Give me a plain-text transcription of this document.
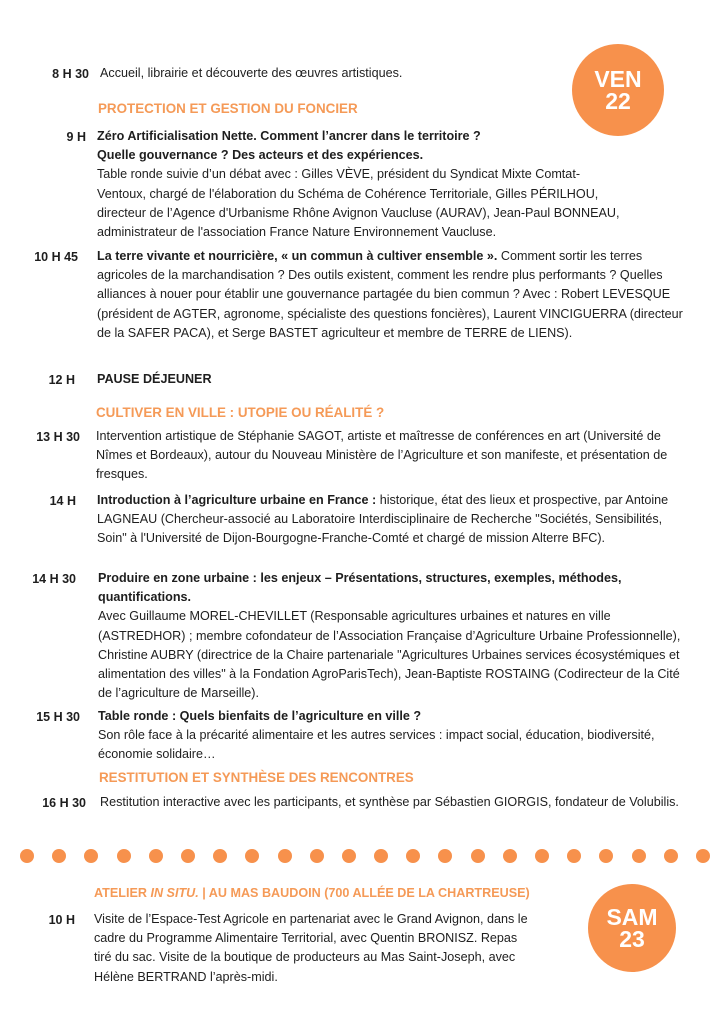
VEN
22
SAM
23
8 H 30 Accueil, librairie et découverte des œuvres artistiques.
PROTECTION ET GESTION DU FONCIER
9 H Zéro Artificialisation Nette. Comment l’ancrer dans le territoire ?
Quelle gouvernance ? Des acteurs et des expériences.
Table ronde suivie d’un débat avec : Gilles VÈVE, président du Syndicat Mixte Comtat-Ventoux, chargé de l'élaboration du Schéma de Cohérence Territoriale, Gilles PÉRILHOU, directeur de l’Agence d'Urbanisme Rhône Avignon Vaucluse (AURAV), Jean-Paul BONNEAU, administrateur de l'association France Nature Environnement Vaucluse.
10 H 45 La terre vivante et nourricière, « un commun à cultiver ensemble ». Comment sortir les terres agricoles de la marchandisation ? Des outils existent, comment les rendre plus performants ? Quelles alliances à nouer pour établir une gouvernance partagée du bien commun ? Avec : Robert LEVESQUE (président de AGTER, agronome, spécialiste des questions foncières), Laurent VINCIGUERRA (directeur de la SAFER PACA), et Serge BASTET agriculteur et membre de TERRE de LIENS).
12 H PAUSE DÉJEUNER
CULTIVER EN VILLE : UTOPIE OU RÉALITÉ ?
13 H 30 Intervention artistique de Stéphanie SAGOT, artiste et maîtresse de conférences en art (Université de Nîmes et Bordeaux), autour du Nouveau Ministère de l’Agriculture et son manifeste, et présentation de fresques.
14 H Introduction à l’agriculture urbaine en France : historique, état des lieux et prospective, par Antoine LAGNEAU (Chercheur-associé au Laboratoire Interdisciplinaire de Recherche "Sociétés, Sensibilités, Soin" à l'Université de Dijon-Bourgogne-Franche-Comté et chargé de mission Alterre BFC).
14 H 30 Produire en zone urbaine : les enjeux – Présentations, structures, exemples, méthodes, quantifications.
Avec Guillaume MOREL-CHEVILLET (Responsable agricultures urbaines et natures en ville (ASTREDHOR) ; membre cofondateur de l’Association Française d’Agriculture Urbaine Professionnelle), Christine AUBRY (directrice de la Chaire partenariale "Agricultures Urbaines services écosystémiques et alimentation des villes" à la Fondation AgroParisTech), Jean-Baptiste ROSTAING (Codirecteur de la Cité de l’agriculture de Marseille).
15 H 30 Table ronde : Quels bienfaits de l’agriculture en ville ?
Son rôle face à la précarité alimentaire et les autres services : impact social, éducation, biodiversité, économie solidaire…
RESTITUTION ET SYNTHÈSE DES RENCONTRES
16 H 30 Restitution interactive avec les participants, et synthèse par Sébastien GIORGIS, fondateur de Volubilis.
ATELIER IN SITU. | AU MAS BAUDOIN (700 ALLÉE DE LA CHARTREUSE)
10 H Visite de l’Espace-Test Agricole en partenariat avec le Grand Avignon, dans le cadre du Programme Alimentaire Territorial, avec Quentin BRONISZ. Repas tiré du sac. Visite de la boutique de producteurs au Mas Saint-Joseph, avec Hélène BERTRAND l’après-midi.
